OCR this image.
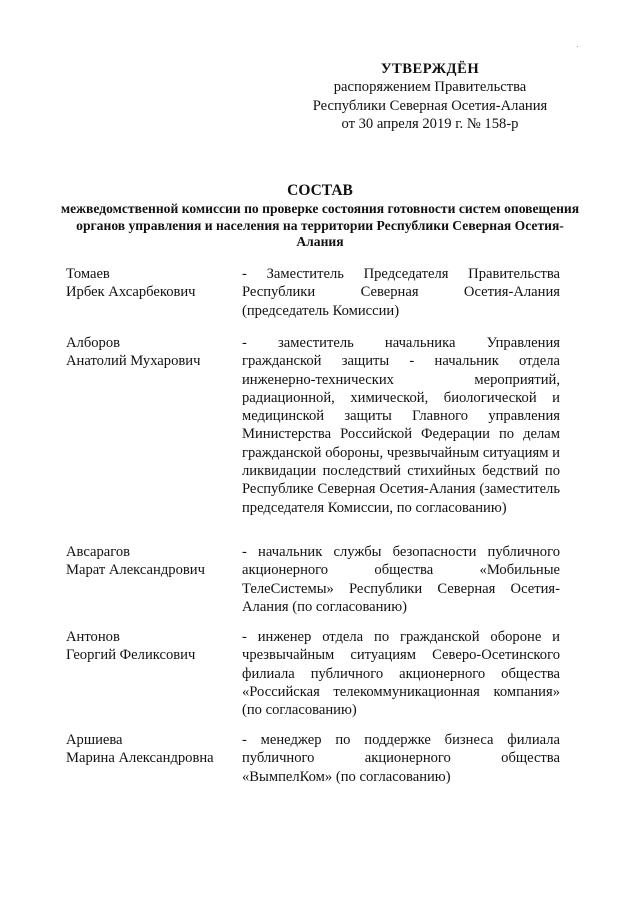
УТВЕРЖДЁН
распоряжением Правительства
Республики Северная Осетия-Алания
от 30 апреля 2019 г. № 158-р
СОСТАВ
межведомственной комиссии по проверке состояния готовности систем оповещения органов управления и населения на территории Республики Северная Осетия-Алания
Томаев
Ирбек Ахсарбекович
- Заместитель Председателя Правительства Республики Северная Осетия-Алания (председатель Комиссии)
Алборов
Анатолий Мухарович
- заместитель начальника Управления гражданской защиты - начальник отдела инженерно-технических мероприятий, радиационной, химической, биологической и медицинской защиты Главного управления Министерства Российской Федерации по делам гражданской обороны, чрезвычайным ситуациям и ликвидации последствий стихийных бедствий по Республике Северная Осетия-Алания (заместитель председателя Комиссии, по согласованию)
Авсарагов
Марат Александрович
- начальник службы безопасности публичного акционерного общества «Мобильные ТелеСистемы» Республики Северная Осетия-Алания (по согласованию)
Антонов
Георгий Феликсович
- инженер отдела по гражданской обороне и чрезвычайным ситуациям Северо-Осетинского филиала публичного акционерного общества «Российская телекоммуникационная компания» (по согласованию)
Аршиева
Марина Александровна
- менеджер по поддержке бизнеса филиала публичного акционерного общества «ВымпелКом» (по согласованию)
